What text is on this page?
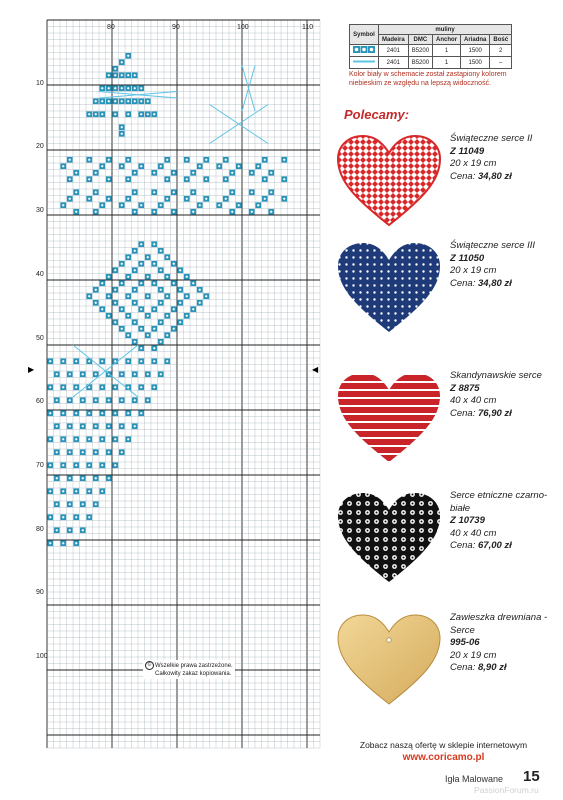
© Wszelkie prawa zastrzeżone.
Całkowity zakaz kopiowania.
80	90	100	110
10
20
30
40
50
60
70
80
90
100
▶	◀
Symbol	muliny				
	Madeira	DMC	Anchor	Ariadna	Bość
	2401	B5200	1	1500	2
	2401	B5200	1	1500	–
Kolor biały w schemacie został zastąpiony kolorem niebieskim ze względu na lepszą widoczność.
Polecamy:
Świąteczne serce II
Z 11049
20 x 19 cm
Cena: 34,80 zł
Świąteczne serce III
Z 11050
20 x 19 cm
Cena: 34,80 zł
Skandynawskie serce
Z 8875
40 x 40 cm
Cena: 76,90 zł
Serce etniczne czarno-białe
Z 10739
40 x 40 cm
Cena: 67,00 zł
Zawieszka drewniana - Serce
995-06
20 x 19 cm
Cena: 8,90 zł
Zobacz naszą ofertę w sklepie internetowym
www.coricamo.pl
Igła Malowane 15
PassionForum.ru
